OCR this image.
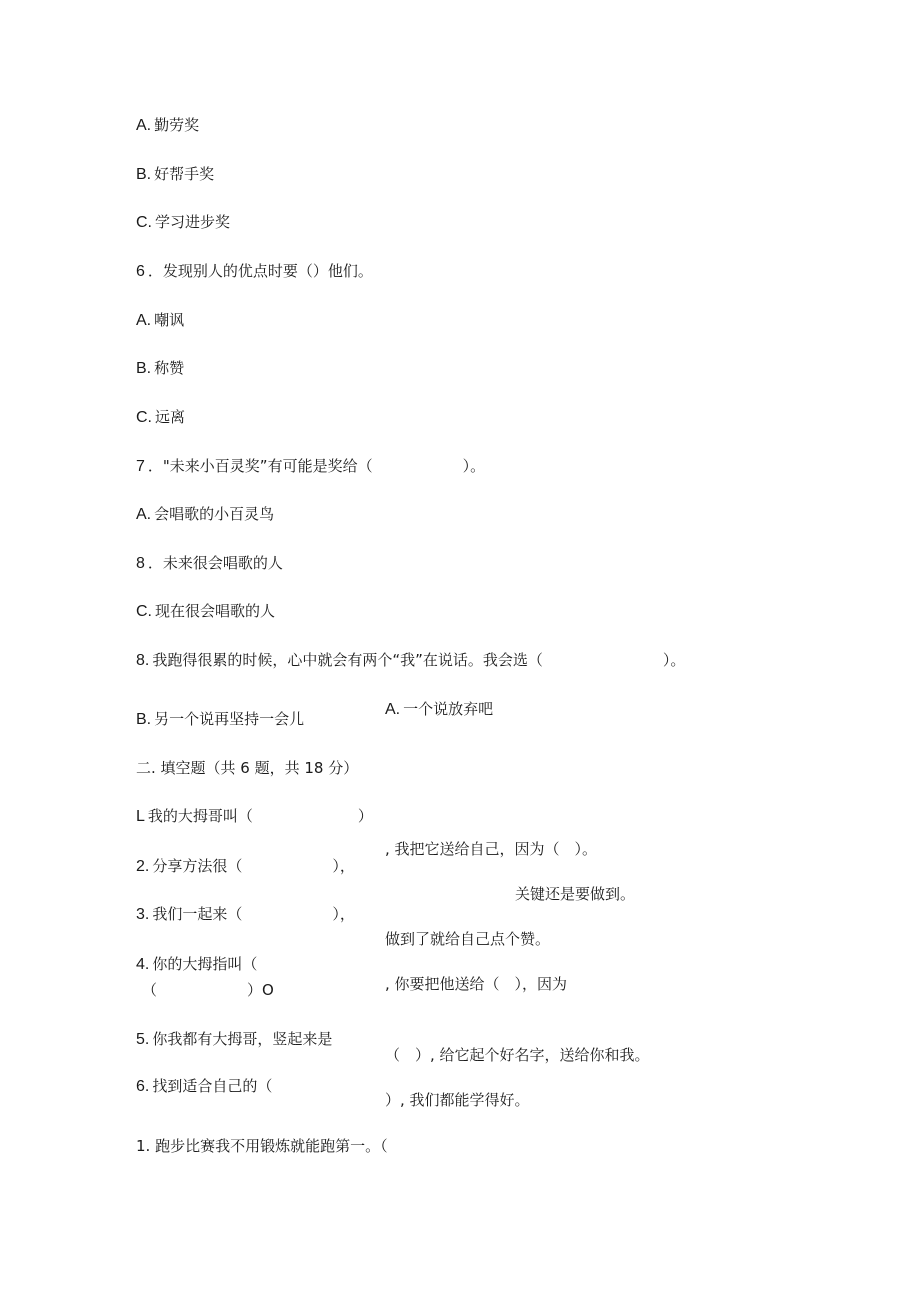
A. 勤劳奖
B. 好帮手奖
C. 学习进步奖
6 ．发现别人的优点时要（）他们。
A. 嘲讽
B. 称赞
C. 远离
7 ．"未来小百灵奖”有可能是奖给（　　　　　　）。
A. 会唱歌的小百灵鸟
8 ．未来很会唱歌的人
C. 现在很会唱歌的人
8. 我跑得很累的时候，心中就会有两个“我”在说话。我会选（　　　　　　　　）。
A. 一个说放弃吧
B. 另一个说再坚持一会儿
二. 填空题（共 6 题，共 18 分）
L 我的大拇哥叫（　　　　　　　）
, 我把它送给自己，因为（　）。
2. 分享方法很（　　　　　　），
关键还是要做到。
3. 我们一起来（　　　　　　），
做到了就给自己点个赞。
4. 你的大拇指叫（
（　　　　　　）O	, 你要把他送给（　），因为
5. 你我都有大拇哥，竖起来是
（　）, 给它起个好名字，送给你和我。
6. 找到适合自己的（
）, 我们都能学得好。
1. 跑步比赛我不用锻炼就能跑第一。（
